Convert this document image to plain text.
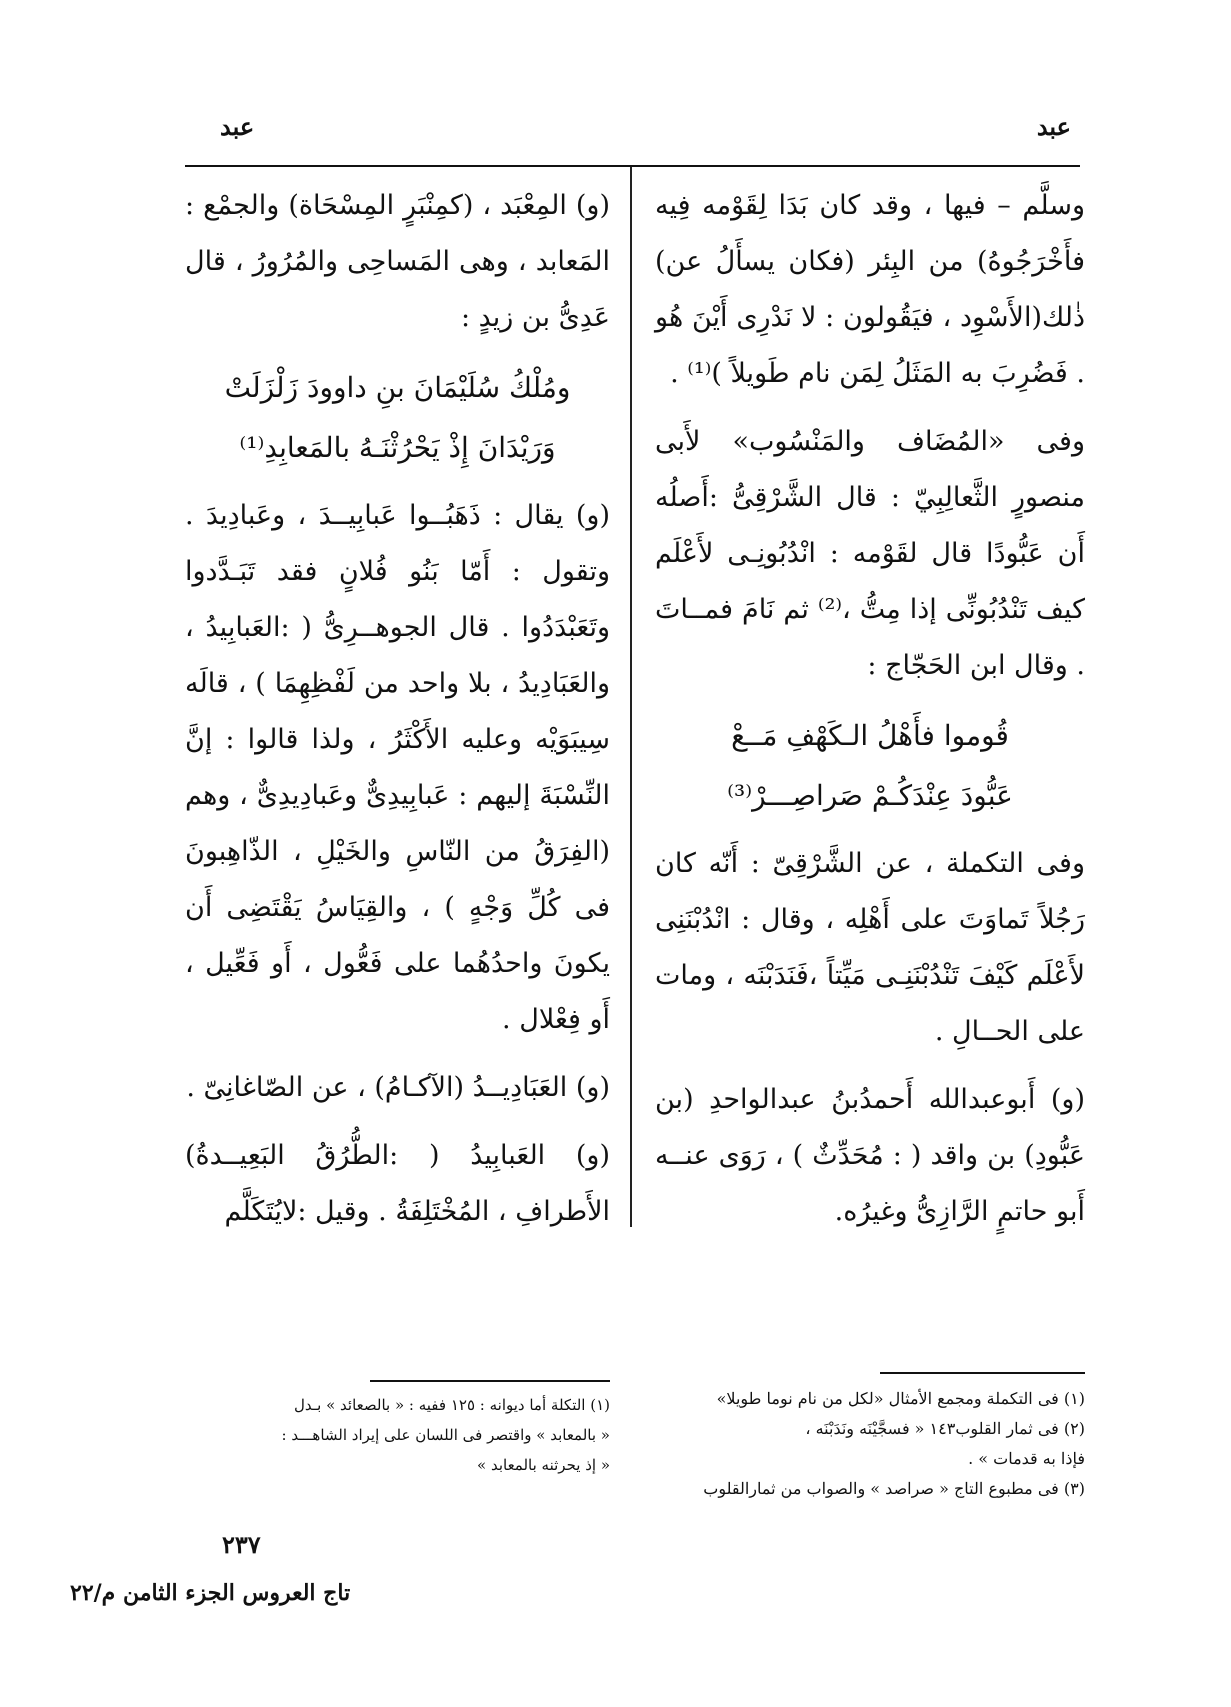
عبد
عبد

وسلَّم – فيها ، وقد كان بَدَا لِقَوْمه فِيه فأَخْرَجُوهُ) من البِئر (فكان يسأَلُ عن) ذٰلك(الأَسْوِد ، فيَقُولون : لا نَدْرِى أَيْنَ هُو . فَضُرِبَ به المَثَلُ لِمَن نام طَويلاً )⁽¹⁾ .

وفى «المُضَاف والمَنْسُوب» لأَبى منصورٍ الثَّعالِبِيّ : قال الشَّرْقِىُّ :أَصلُه أَن عَبُّودًا قال لقَوْمه : انْدُبُونِـى لأَعْلَم كيف تَنْدُبُونِّى إذا مِتُّ ،⁽²⁾ ثم نَامَ فمــاتَ . وقال ابن الحَجّاج :

قُوموا فأَهْلُ الـكَهْفِ مَــعْ
عَبُّودَ عِنْدَكُـمْ صَراصِـــرْ⁽³⁾

وفى التكملة ، عن الشَّرْقِىّ : أَنّه كان رَجُلاً تَماوَتَ على أَهْلِه ، وقال : انْدُبْنَنِى لأَعْلَم كَيْفَ تَنْدُبْنَنِـى مَيِّتاً ،فَنَدَبْنَه ، ومات على الحــالِ .

(و) أَبوعبدالله أَحمدُبنُ عبدالواحدِ (بن عَبُّودِ) بن واقد ( : مُحَدِّثٌ ) ، رَوَى عنــه أَبو حاتمٍ الرَّازِىُّ وغيرُه.

(١) فى التكملة ومجمع الأمثال «لكل من نام نوما طويلا»
(٢) فى ثمار القلوب١٤٣ « فسجَّيْنَه ونَدَبْنَه ،
فإذا به قدمات » .
(٣) فى مطبوع التاج « صراصد » والصواب من ثمارالقلوب

(و) المِعْبَد ، (كمِنْبَرٍ المِسْحَاة) والجمْع : المَعابد ، وهى المَساحِى والمُرُورُ ، قال عَدِىُّ بن زيدٍ :

ومُلْكُ سُلَيْمَانَ بنِ داوودَ زَلْزَلَتْ
وَرَيْدَانَ إِذْ يَحْرُثْنَـهُ بالمَعابِدِ⁽¹⁾

(و) يقال : ذَهَبُــوا عَبابِيــدَ ، وعَبادِيدَ . وتقول : أَمّا بَنُو فُلانٍ فقد تَبَـدَّدوا وتَعَبْدَدُوا . قال الجوهــرِىُّ ( :العَبابِيدُ ، والعَبَادِيدُ ، بلا واحد من لَفْظِهِمَا ) ، قالَه سِيبَوَيْه وعليه الأَكْثَرُ ، ولذا قالوا : إنَّ النِّسْبَةَ إليهم : عَبابِيدِىٌّ وعَبادِيدِىٌّ ، وهم (الفِرَقُ من النّاسِ والخَيْلِ ، الذّاهِبونَ فى كُلِّ وَجْهٍ ) ، والقِيَاسُ يَقْتَضِى أَن يكونَ واحدُهُما على فَعُّول ، أَو فَعِّيل ، أَو فِعْلال .

(و) العَبَادِيــدُ (الآكـامُ) ، عن الصّاغانِىّ .

(و) العَبابِيدُ ( :الطُّرُقُ البَعِيــدةُ) الأَطرافِ ، المُخْتَلِفَةُ . وقيل :لايُتَكَلَّم

(١) التكلة أما ديوانه : ١٢٥ ففيه : « بالصعائد » بـدل
« بالمعابد » واقتصر فى اللسان على إيراد الشاهـــد :
« إذ يحرثنه بالمعابد »
٢٣٧
تاج العروس الجزء الثامن م/٢٢
